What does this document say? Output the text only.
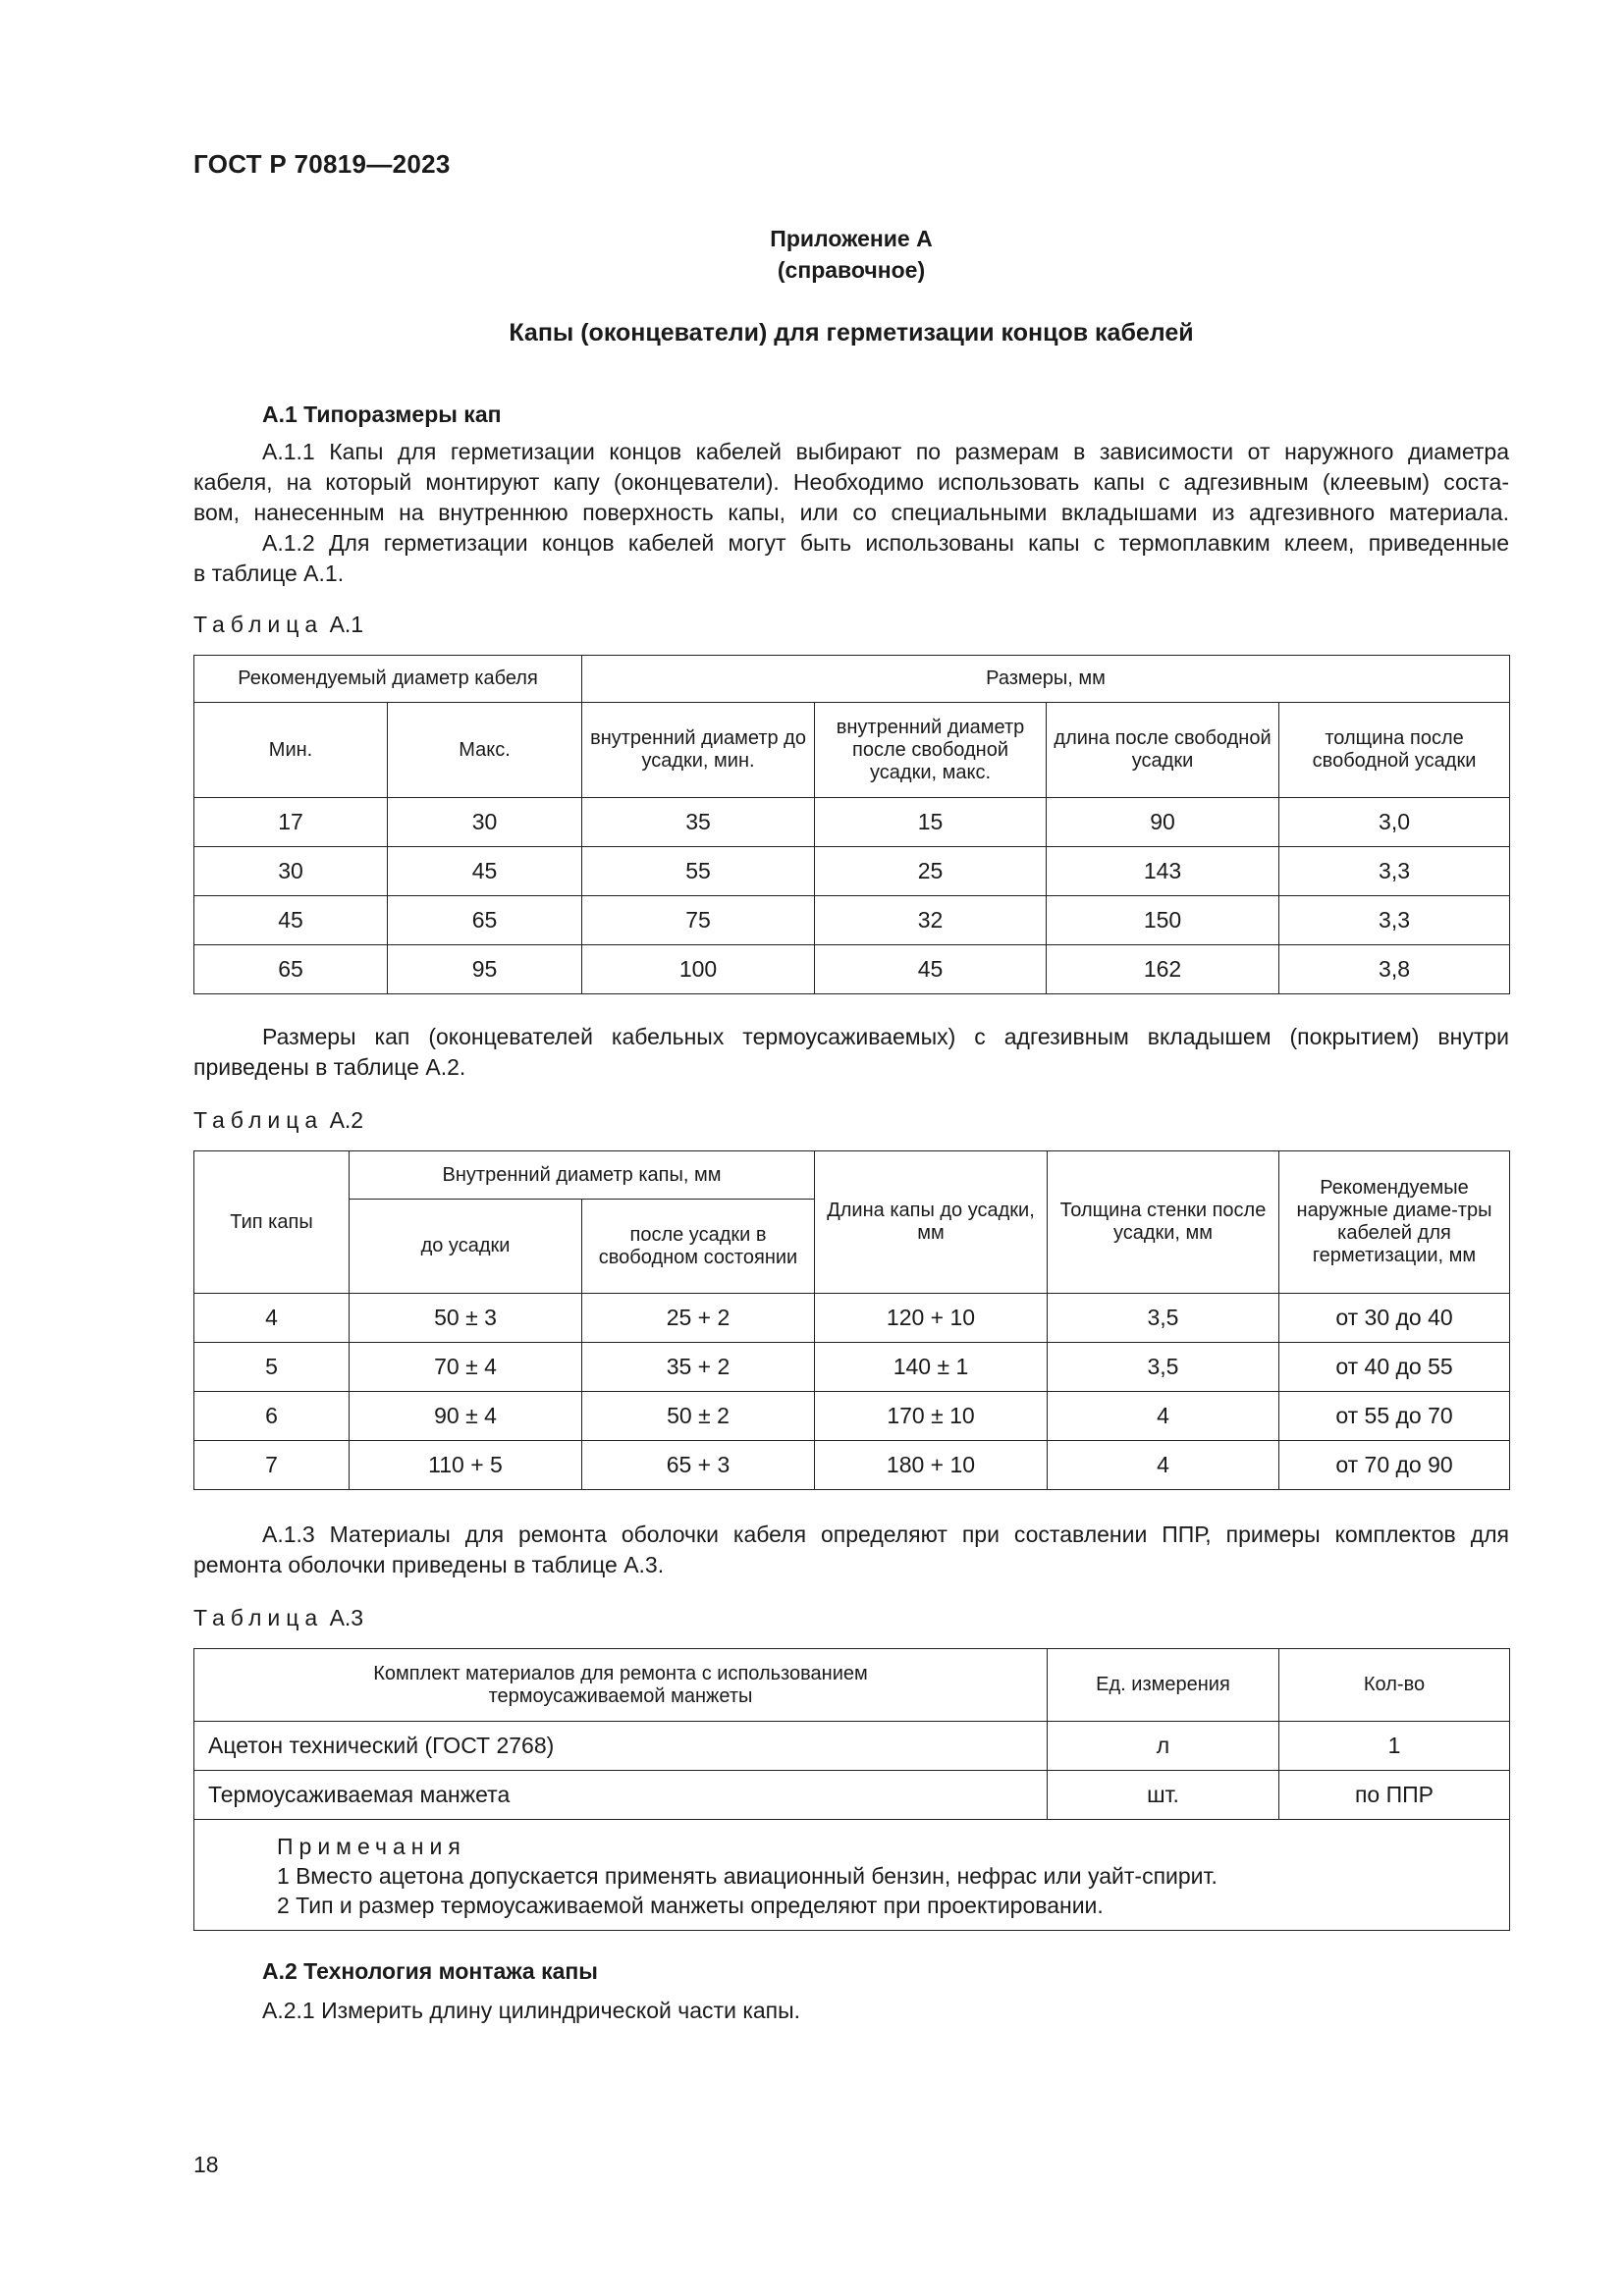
ГОСТ Р 70819—2023
Приложение А
(справочное)
Капы (оконцеватели) для герметизации концов кабелей
А.1 Типоразмеры кап
А.1.1 Капы для герметизации концов кабелей выбирают по размерам в зависимости от наружного диаметра
кабеля, на который монтируют капу (оконцеватели). Необходимо использовать капы с адгезивным (клеевым) соста-
вом, нанесенным на внутреннюю поверхность капы, или со специальными вкладышами из адгезивного материала.
А.1.2 Для герметизации концов кабелей могут быть использованы капы с термоплавким клеем, приведенные
в таблице А.1.
Таблица А.1
Рекомендуемый диаметр кабеля		Размеры, мм			
Мин.	Макс.	внутренний диаметр до усадки, мин.	внутренний диаметр после свободной усадки, макс.	длина после свободной усадки	толщина после свободной усадки
17	30	35	15	90	3,0
30	45	55	25	143	3,3
45	65	75	32	150	3,3
65	95	100	45	162	3,8
Размеры кап (оконцевателей кабельных термоусаживаемых) с адгезивным вкладышем (покрытием) внутри
приведены в таблице А.2.
Таблица А.2
Тип капы	Внутренний диаметр капы, мм		Длина капы до усадки, мм	Толщина стенки после усадки, мм	Рекомендуемые наружные диаме-тры кабелей для герметизации, мм
	до усадки	после усадки в свободном состоянии			
4	50 ± 3	25 + 2	120 + 10	3,5	от 30 до 40
5	70 ± 4	35 + 2	140 ± 1	3,5	от 40 до 55
6	90 ± 4	50 ± 2	170 ± 10	4	от 55 до 70
7	110 + 5	65 + 3	180 + 10	4	от 70 до 90
А.1.3 Материалы для ремонта оболочки кабеля определяют при составлении ППР, примеры комплектов для
ремонта оболочки приведены в таблице А.3.
Таблица А.3
Комплект материалов для ремонта с использованием термоусаживаемой манжеты	Ед. измерения	Кол-во
Ацетон технический (ГОСТ 2768)	л	1
Термоусаживаемая манжета	шт.	по ППР

Примечания
1 Вместо ацетона допускается применять авиационный бензин, нефрас или уайт-спирит.
2 Тип и размер термоусаживаемой манжеты определяют при проектировании.		
А.2 Технология монтажа капы
А.2.1 Измерить длину цилиндрической части капы.
18
